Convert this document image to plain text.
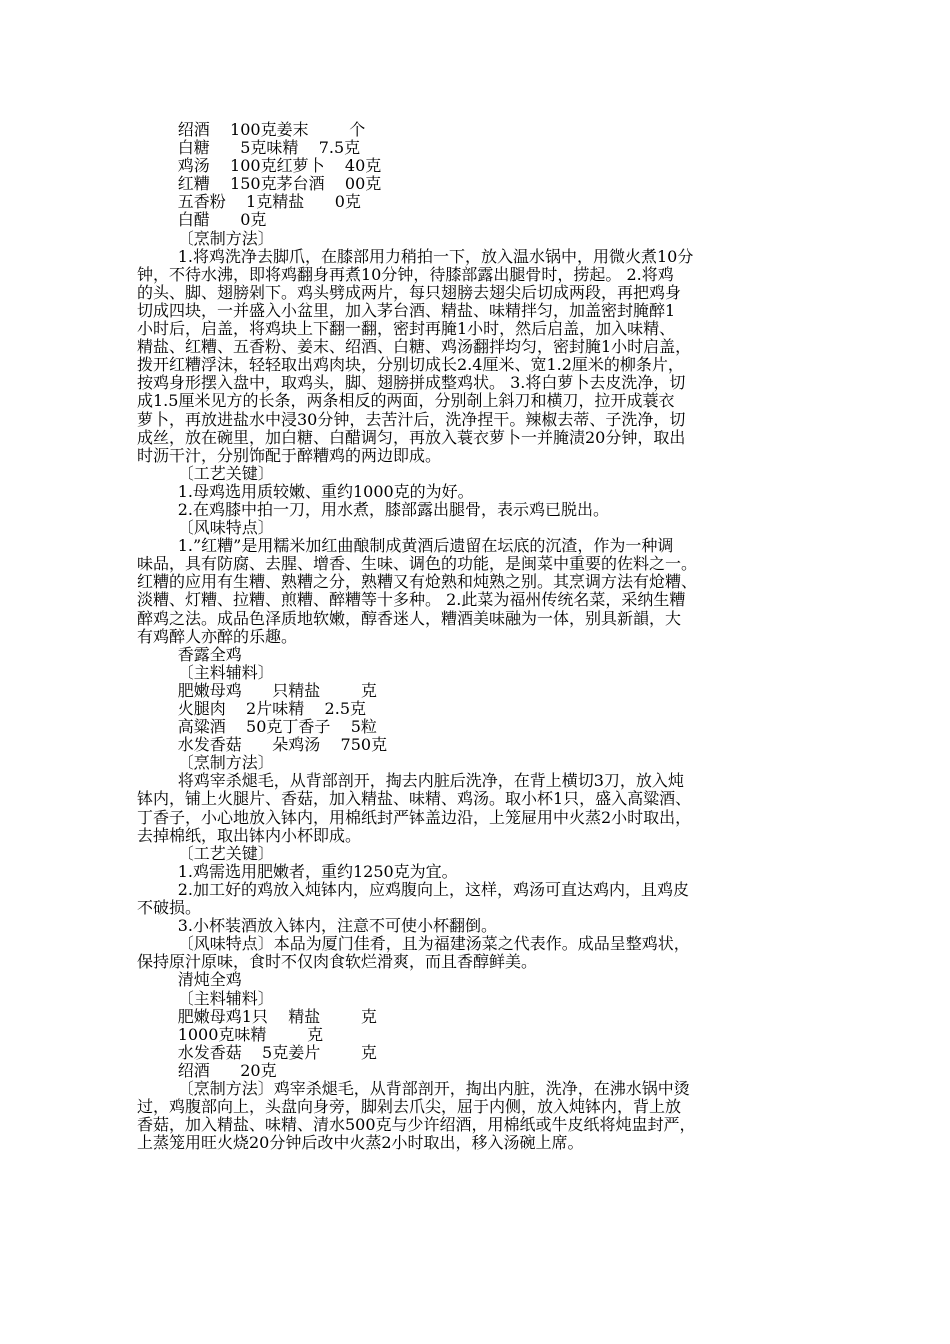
绍酒    100克姜末        个
白糖      5克味精    7.5克
鸡汤    100克红萝卜    40克
红糟    150克茅台酒    00克
五香粉    1克精盐      0克
白醋      0克
〔烹制方法〕
1.将鸡洗净去脚爪，在膝部用力稍拍一下，放入温水锅中，用微火煮10分
钟，不待水沸，即将鸡翻身再煮10分钟，待膝部露出腿骨时，捞起。 2.将鸡
的头、脚、翅膀剁下。鸡头劈成两片，每只翅膀去翅尖后切成两段，再把鸡身
切成四块，一并盛入小盆里，加入茅台酒、精盐、味精拌匀，加盖密封腌醉1
小时后，启盖，将鸡块上下翻一翻，密封再腌1小时，然后启盖，加入味精、
精盐、红糟、五香粉、姜末、绍酒、白糖、鸡汤翻拌均匀，密封腌1小时启盖，
拨开红糟浮沫，轻轻取出鸡肉块，分别切成长2.4厘米、宽1.2厘米的柳条片，
按鸡身形摆入盘中，取鸡头，脚、翅膀拼成整鸡状。 3.将白萝卜去皮洗净，切
成1.5厘米见方的长条，两条相反的两面，分别剞上斜刀和横刀，拉开成蓑衣
萝卜，再放进盐水中浸30分钟，去苦汁后，洗净捏干。辣椒去蒂、子洗净，切
成丝，放在碗里，加白糖、白醋调匀，再放入蓑衣萝卜一并腌渍20分钟，取出
时沥干汁，分别饰配于醉糟鸡的两边即成。
〔工艺关键〕
1.母鸡选用质较嫩、重约1000克的为好。
2.在鸡膝中拍一刀，用水煮，膝部露出腿骨，表示鸡已脱出。
〔风味特点〕
1.”红糟”是用糯米加红曲酿制成黄酒后遗留在坛底的沉渣，作为一种调
味品，具有防腐、去腥、增香、生味、调色的功能，是闽菜中重要的佐料之一。
红糟的应用有生糟、熟糟之分，熟糟又有炝熟和炖熟之别。其烹调方法有炝糟、
淡糟、灯糟、拉糟、煎糟、醉糟等十多种。 2.此菜为福州传统名菜，采纳生糟
醉鸡之法。成品色泽质地软嫩，醇香迷人，糟酒美味融为一体，别具新韻，大
有鸡醉人亦醉的乐趣。
香露全鸡
〔主料辅料〕
肥嫩母鸡      只精盐        克
火腿肉    2片味精    2.5克
高粱酒    50克丁香子    5粒
水发香菇      朵鸡汤    750克
〔烹制方法〕
将鸡宰杀煺毛，从背部剖开，掏去内脏后洗净，在背上横切3刀，放入炖
钵内，铺上火腿片、香菇，加入精盐、味精、鸡汤。取小杯1只，盛入高粱酒、
丁香子，小心地放入钵内，用棉纸封严钵盖边沿，上笼屉用中火蒸2小时取出，
去掉棉纸，取出钵内小杯即成。
〔工艺关键〕
1.鸡需选用肥嫩者，重约1250克为宜。
2.加工好的鸡放入炖钵内，应鸡腹向上，这样，鸡汤可直达鸡内，且鸡皮
不破损。
3.小杯装酒放入钵内，注意不可使小杯翻倒。
〔风味特点〕本品为厦门佳肴，且为福建汤菜之代表作。成品呈整鸡状，
保持原汁原味，食时不仅肉食软烂滑爽，而且香醇鲜美。
清炖全鸡
〔主料辅料〕
肥嫩母鸡1只    精盐        克
1000克味精        克
水发香菇    5克姜片        克
绍酒      20克
〔烹制方法〕鸡宰杀煺毛，从背部剖开，掏出内脏，洗净，在沸水锅中烫
过，鸡腹部向上，头盘向身旁，脚剁去爪尖，屈于内侧，放入炖钵内，背上放
香菇，加入精盐、味精、清水500克与少许绍酒，用棉纸或牛皮纸将炖盅封严，
上蒸笼用旺火烧20分钟后改中火蒸2小时取出，移入汤碗上席。
